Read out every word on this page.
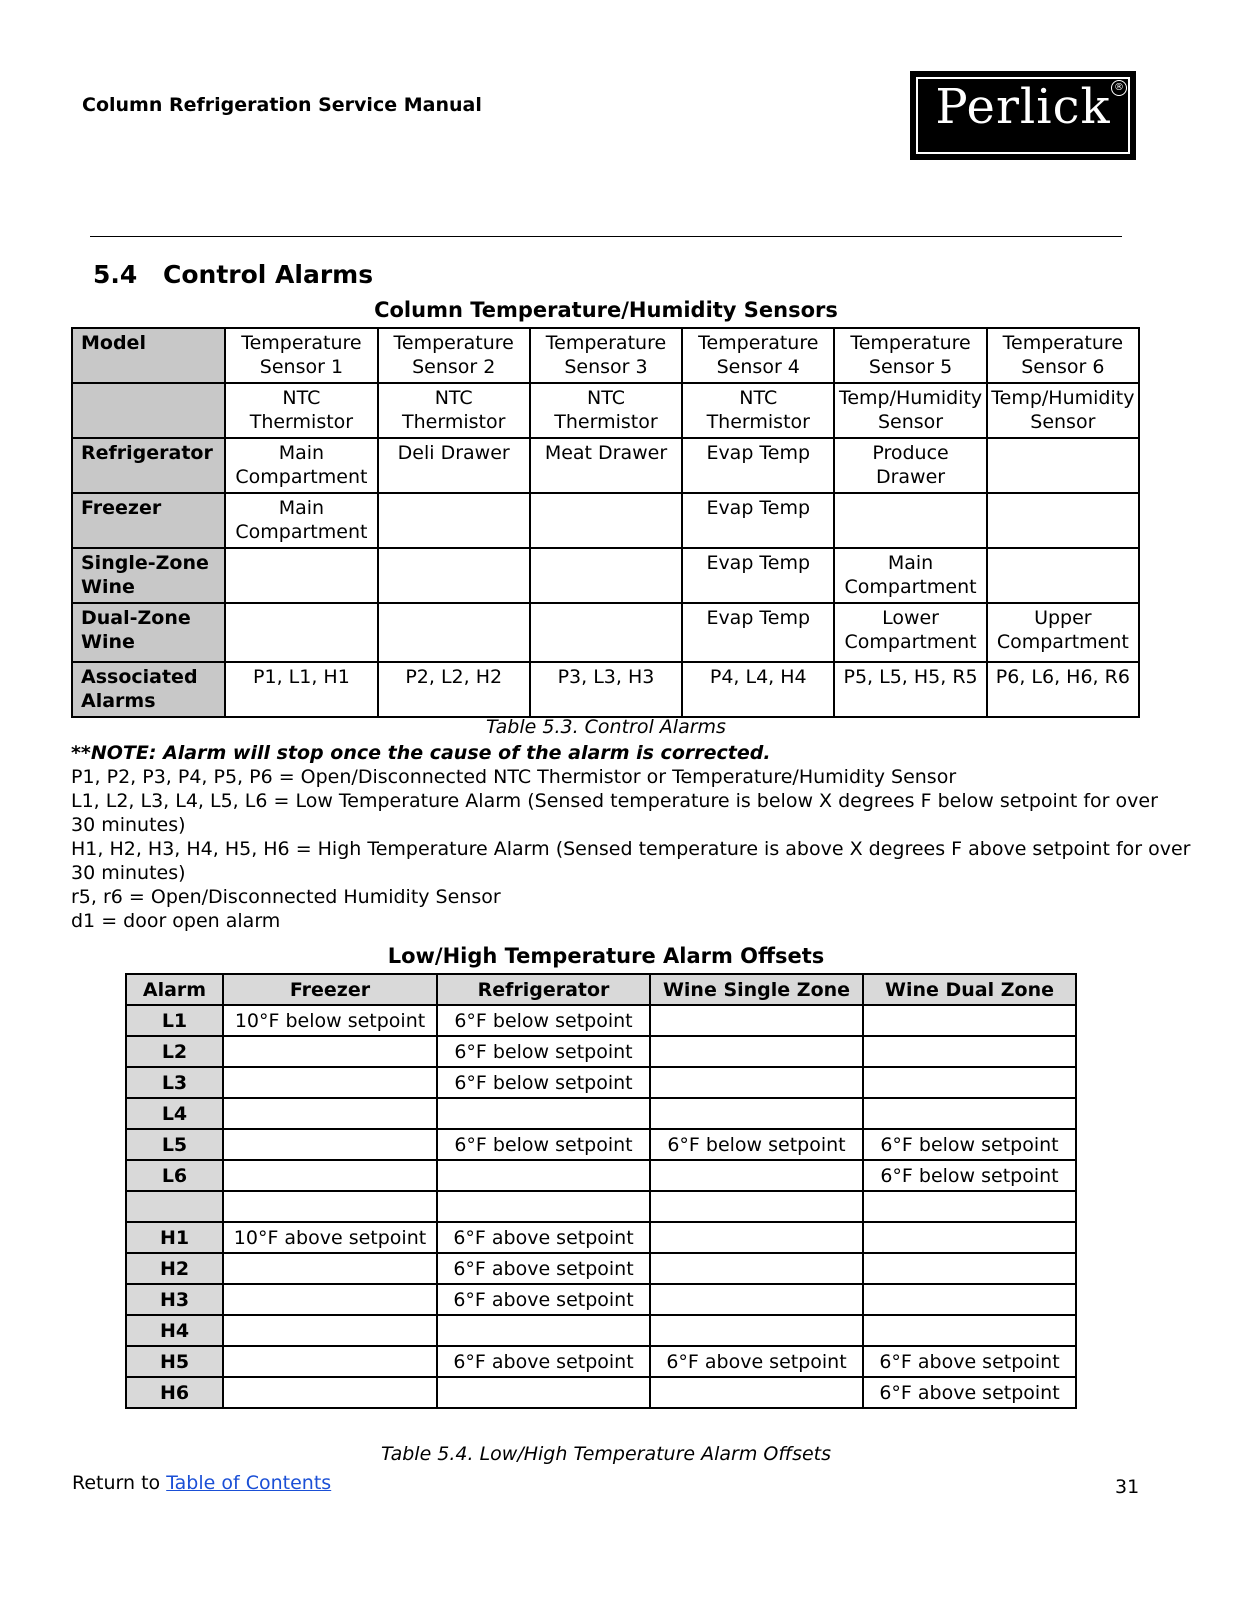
Column Refrigeration Service Manual	Perlick ®
5.4 Control Alarms
Column Temperature/Humidity Sensors
Model	Temperature Sensor 1	Temperature Sensor 2	Temperature Sensor 3	Temperature Sensor 4	Temperature Sensor 5	Temperature Sensor 6
	NTC Thermistor	NTC Thermistor	NTC Thermistor	NTC Thermistor	Temp/Humidity Sensor	Temp/Humidity Sensor
Refrigerator	Main Compartment	Deli Drawer	Meat Drawer	Evap Temp	Produce Drawer	
Freezer	Main Compartment			Evap Temp		
Single-Zone Wine				Evap Temp	Main Compartment	
Dual-Zone Wine				Evap Temp	Lower Compartment	Upper Compartment
Associated Alarms	P1, L1, H1	P2, L2, H2	P3, L3, H3	P4, L4, H4	P5, L5, H5, R5	P6, L6, H6, R6
Table 5.3. Control Alarms
**NOTE: Alarm will stop once the cause of the alarm is corrected.
P1, P2, P3, P4, P5, P6 = Open/Disconnected NTC Thermistor or Temperature/Humidity Sensor
L1, L2, L3, L4, L5, L6 = Low Temperature Alarm (Sensed temperature is below X degrees F below setpoint for over
30 minutes)
H1, H2, H3, H4, H5, H6 = High Temperature Alarm (Sensed temperature is above X degrees F above setpoint for over
30 minutes)
r5, r6 = Open/Disconnected Humidity Sensor
d1 = door open alarm
Low/High Temperature Alarm Offsets
Alarm	Freezer	Refrigerator	Wine Single Zone	Wine Dual Zone
L1	10°F below setpoint	6°F below setpoint		
L2		6°F below setpoint		
L3		6°F below setpoint		
L4				
L5		6°F below setpoint	6°F below setpoint	6°F below setpoint
L6				6°F below setpoint

H1	10°F above setpoint	6°F above setpoint		
H2		6°F above setpoint		
H3		6°F above setpoint		
H4				
H5		6°F above setpoint	6°F above setpoint	6°F above setpoint
H6				6°F above setpoint
Table 5.4. Low/High Temperature Alarm Offsets
Return to Table of Contents	31
